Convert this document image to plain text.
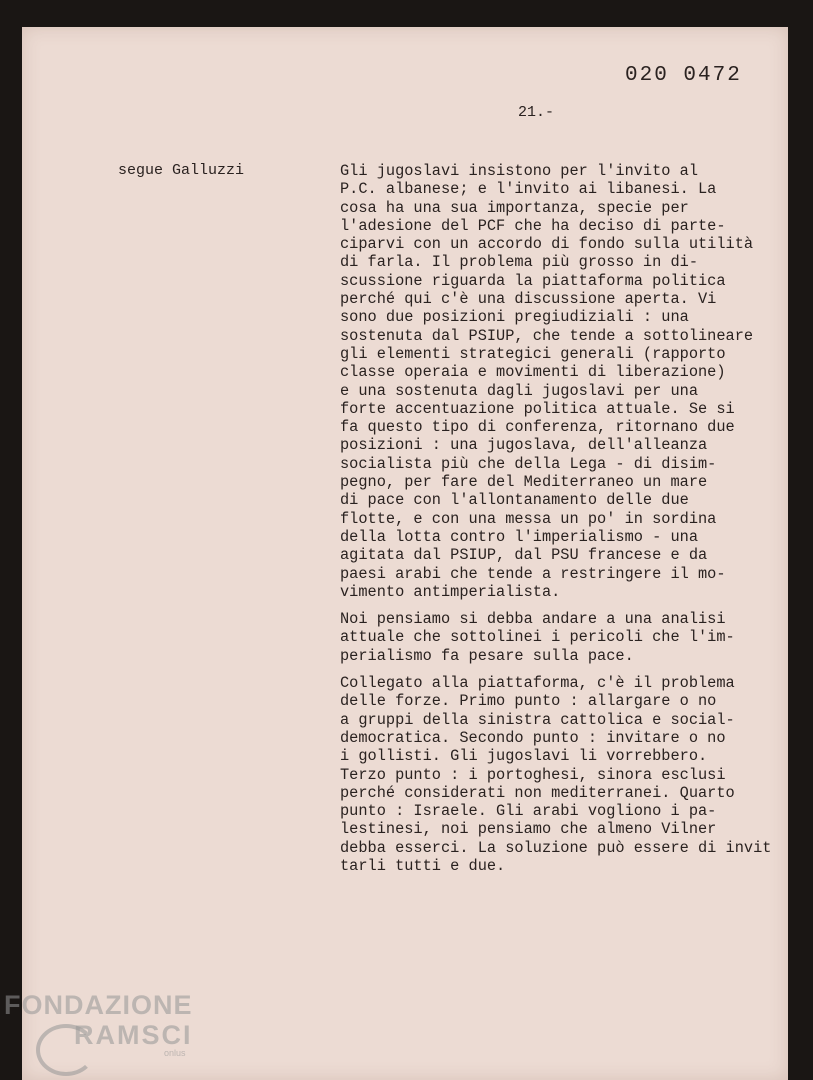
020 0472
21.-
segue Galluzzi	Gli jugoslavi insistono per l'invito al
P.C. albanese; e l'invito ai libanesi. La
cosa ha una sua importanza, specie per
l'adesione del PCF che ha deciso di parte-
ciparvi con un accordo di fondo sulla utilità
di farla. Il problema più grosso in di-
scussione riguarda la piattaforma politica
perché qui c'è una discussione aperta. Vi
sono due posizioni pregiudiziali : una
sostenuta dal PSIUP, che tende a sottolineare
gli elementi strategici generali (rapporto
classe operaia e movimenti di liberazione)
e una sostenuta dagli jugoslavi per una
forte accentuazione politica attuale. Se si
fa questo tipo di conferenza, ritornano due
posizioni : una jugoslava, dell'alleanza
socialista più che della Lega - di disim-
pegno, per fare del Mediterraneo un mare
di pace con l'allontanamento delle due
flotte, e con una messa un po' in sordina
della lotta contro l'imperialismo - una
agitata dal PSIUP, dal PSU francese e da
paesi arabi che tende a restringere il mo-
vimento antimperialista.
Noi pensiamo si debba andare a una analisi
attuale che sottolinei i pericoli che l'im-
perialismo fa pesare sulla pace.
Collegato alla piattaforma, c'è il problema
delle forze. Primo punto : allargare o no
a gruppi della sinistra cattolica e social-
democratica. Secondo punto : invitare o no
i gollisti. Gli jugoslavi li vorrebbero.
Terzo punto : i portoghesi, sinora esclusi
perché considerati non mediterranei. Quarto
punto : Israele. Gli arabi vogliono i pa-
lestinesi, noi pensiamo che almeno Vilner
debba esserci. La soluzione può essere di invit
tarli tutti e due.
FONDAZIONE
RAMSCI
onlus
